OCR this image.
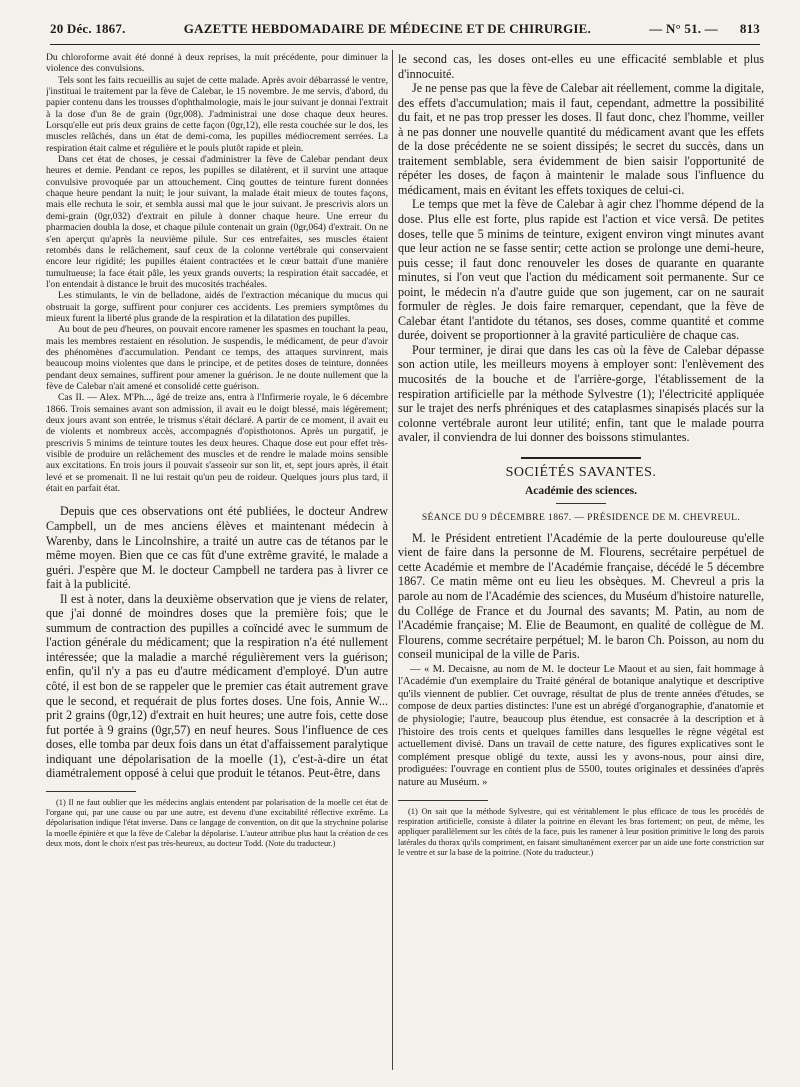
20 Déc. 1867.	GAZETTE HEBDOMADAIRE DE MÉDECINE ET DE CHIRURGIE.	— N° 51. — 813

Du chloroforme avait été donné à deux reprises, la nuit précédente, pour diminuer la violence des convulsions.

Tels sont les faits recueillis au sujet de cette malade. Après avoir débarrassé le ventre, j'instituai le traitement par la fève de Calebar, le 15 novembre. Je me servis, d'abord, du papier contenu dans les trousses d'ophthalmologie, mais le jour suivant je donnai l'extrait à la dose d'un 8e de grain (0gr,008). J'administrai une dose chaque deux heures. Lorsqu'elle eut pris deux grains de cette façon (0gr,12), elle resta couchée sur le dos, les muscles relâchés, dans un état de demi-coma, les pupilles médiocrement serrées. La respiration était calme et régulière et le pouls plutôt rapide et plein.

Dans cet état de choses, je cessai d'administrer la fève de Calebar pendant deux heures et demie. Pendant ce repos, les pupilles se dilatèrent, et il survint une attaque convulsive provoquée par un attouchement. Cinq gouttes de teinture furent données chaque heure pendant la nuit; le jour suivant, la malade était mieux de toutes façons, mais elle rechuta le soir, et sembla aussi mal que le jour suivant. Je prescrivis alors un demi-grain (0gr,032) d'extrait en pilule à donner chaque heure. Une erreur du pharmacien doubla la dose, et chaque pilule contenait un grain (0gr,064) d'extrait. On ne s'en aperçut qu'après la neuvième pilule. Sur ces entrefaites, ses muscles étaient retombés dans le relâchement, sauf ceux de la colonne vertébrale qui conservaient encore leur rigidité; les pupilles étaient contractées et le cœur battait d'une manière tumultueuse; la face était pâle, les yeux grands ouverts; la respiration était saccadée, et l'on entendait à distance le bruit des mucosités trachéales.

Les stimulants, le vin de belladone, aidés de l'extraction mécanique du mucus qui obstruait la gorge, suffirent pour conjurer ces accidents. Les premiers symptômes du mieux furent la liberté plus grande de la respiration et la dilatation des pupilles.

Au bout de peu d'heures, on pouvait encore ramener les spasmes en touchant la peau, mais les membres restaient en résolution. Je suspendis, le médicament, de peur d'avoir des phénomènes d'accumulation. Pendant ce temps, des attaques survinrent, mais beaucoup moins violentes que dans le principe, et de petites doses de teinture, données pendant deux semaines, suffirent pour amener la guérison. Je ne doute nullement que la fève de Calebar n'ait amené et consolidé cette guérison.

Cas II. — Alex. M'Ph..., âgé de treize ans, entra à l'Infirmerie royale, le 6 décembre 1866. Trois semaines avant son admission, il avait eu le doigt blessé, mais légèrement; deux jours avant son entrée, le trismus s'était déclaré. A partir de ce moment, il avait eu de violents et nombreux accès, accompagnés d'opisthotonos. Après un purgatif, je prescrivis 5 minims de teinture toutes les deux heures. Chaque dose eut pour effet très-visible de produire un relâchement des muscles et de rendre le malade moins sensible aux excitations. En trois jours il pouvait s'asseoir sur son lit, et, sept jours après, il était levé et se promenait. Il ne lui restait qu'un peu de roideur. Quelques jours plus tard, il était en parfait état.

Depuis que ces observations ont été publiées, le docteur Andrew Campbell, un de mes anciens élèves et maintenant médecin à Warenby, dans le Lincolnshire, a traité un autre cas de tétanos par le même moyen. Bien que ce cas fût d'une extrême gravité, le malade a guéri. J'espère que M. le docteur Campbell ne tardera pas à livrer ce fait à la publicité.

Il est à noter, dans la deuxième observation que je viens de relater, que j'ai donné de moindres doses que la première fois; que le summum de contraction des pupilles a coïncidé avec le summum de l'action générale du médicament; que la respiration n'a été nullement intéressée; que la maladie a marché régulièrement vers la guérison; enfin, qu'il n'y a pas eu d'autre médicament d'employé. D'un autre côté, il est bon de se rappeler que le premier cas était autrement grave que le second, et requérait de plus fortes doses. Une fois, Annie W... prit 2 grains (0gr,12) d'extrait en huit heures; une autre fois, cette dose fut portée à 9 grains (0gr,57) en neuf heures. Sous l'influence de ces doses, elle tomba par deux fois dans un état d'affaissement paralytique indiquant une dépolarisation de la moelle (1), c'est-à-dire un état diamétralement opposé à celui que produit le tétanos. Peut-être, dans

(1) Il ne faut oublier que les médecins anglais entendent par polarisation de la moelle cet état de l'organe qui, par une cause ou par une autre, est devenu d'une excitabilité réflective extrême. La dépolarisation indique l'état inverse. Dans ce langage de convention, on dit que la strychnine polarise la moelle épinière et que la fève de Calebar la dépolarise. L'auteur attribue plus haut la création de ces deux mots, dont le choix n'est pas très-heureux, au docteur Todd. (Note du traducteur.)

le second cas, les doses ont-elles eu une efficacité semblable et plus d'innocuité.

Je ne pense pas que la fève de Calebar ait réellement, comme la digitale, des effets d'accumulation; mais il faut, cependant, admettre la possibilité du fait, et ne pas trop presser les doses. Il faut donc, chez l'homme, veiller à ne pas donner une nouvelle quantité du médicament avant que les effets de la dose précédente ne se soient dissipés; le secret du succès, dans un traitement semblable, sera évidemment de bien saisir l'opportunité de répéter les doses, de façon à maintenir le malade sous l'influence du médicament, mais en évitant les effets toxiques de celui-ci.

Le temps que met la fève de Calebar à agir chez l'homme dépend de la dose. Plus elle est forte, plus rapide est l'action et vice versâ. De petites doses, telle que 5 minims de teinture, exigent environ vingt minutes avant que leur action ne se fasse sentir; cette action se prolonge une demi-heure, puis cesse; il faut donc renouveler les doses de quarante en quarante minutes, si l'on veut que l'action du médicament soit permanente. Sur ce point, le médecin n'a d'autre guide que son jugement, car on ne saurait formuler de règles. Je dois faire remarquer, cependant, que la fève de Calebar étant l'antidote du tétanos, ses doses, comme quantité et comme durée, doivent se proportionner à la gravité particulière de chaque cas.

Pour terminer, je dirai que dans les cas où la fève de Calebar dépasse son action utile, les meilleurs moyens à employer sont: l'enlèvement des mucosités de la bouche et de l'arrière-gorge, l'établissement de la respiration artificielle par la méthode Sylvestre (1); l'électricité appliquée sur le trajet des nerfs phréniques et des cataplasmes sinapisés placés sur la colonne vertébrale auront leur utilité; enfin, tant que le malade pourra avaler, il conviendra de lui donner des boissons stimulantes.

SOCIÉTÉS SAVANTES.
Académie des sciences.
SÉANCE DU 9 DÉCEMBRE 1867. — PRÉSIDENCE DE M. CHEVREUL.

M. le Président entretient l'Académie de la perte douloureuse qu'elle vient de faire dans la personne de M. Flourens, secrétaire perpétuel de cette Académie et membre de l'Académie française, décédé le 5 décembre 1867. Ce matin même ont eu lieu les obsèques. M. Chevreul a pris la parole au nom de l'Académie des sciences, du Muséum d'histoire naturelle, du Collége de France et du Journal des savants; M. Patin, au nom de l'Académie française; M. Elie de Beaumont, en qualité de collègue de M. Flourens, comme secrétaire perpétuel; M. le baron Ch. Poisson, au nom du conseil municipal de la ville de Paris.

— « M. Decaisne, au nom de M. le docteur Le Maout et au sien, fait hommage à l'Académie d'un exemplaire du Traité général de botanique analytique et descriptive qu'ils viennent de publier. Cet ouvrage, résultat de plus de trente années d'études, se compose de deux parties distinctes: l'une est un abrégé d'organographie, d'anatomie et de physiologie; l'autre, beaucoup plus étendue, est consacrée à la description et à l'histoire des trois cents et quelques familles dans lesquelles le règne végétal est actuellement divisé. Dans un travail de cette nature, des figures explicatives sont le complément presque obligé du texte, aussi les y avons-nous, pour ainsi dire, prodiguées: l'ouvrage en contient plus de 5500, toutes originales et dessinées d'après nature au Muséum. »

(1) On sait que la méthode Sylvestre, qui est véritablement le plus efficace de tous les procédés de respiration artificielle, consiste à dilater la poitrine en élevant les bras fortement; on peut, de même, les appliquer parallèlement sur les côtés de la face, puis les ramener à leur position primitive le long des parois latérales du thorax qu'ils compriment, en faisant simultanément exercer par un aide une forte constriction sur le ventre et sur la base de la poitrine. (Note du traducteur.)
